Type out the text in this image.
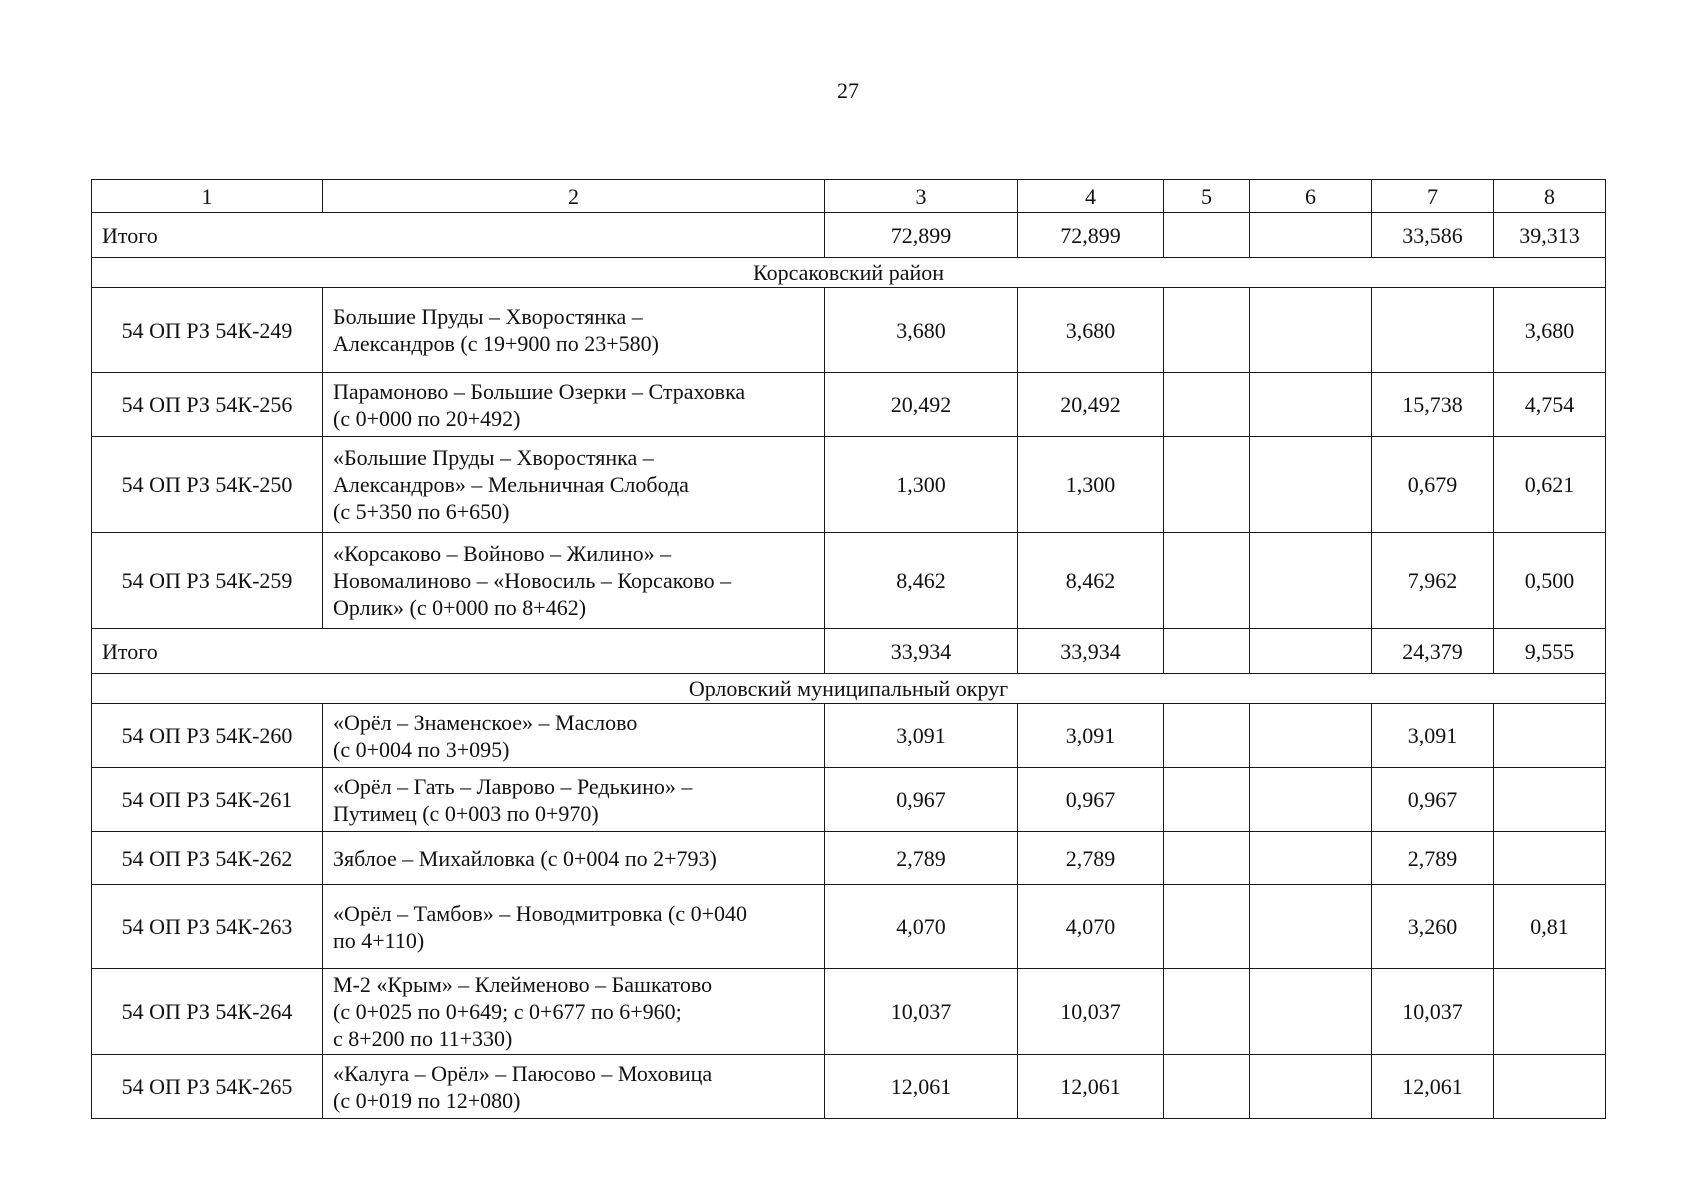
27
1	2	3	4	5	6	7	8
Итого		72,899	72,899			33,586	39,313
Корсаковский район							
54 ОП РЗ 54К-249	Большие Пруды – Хворостянка –
Александров (с 19+900 по 23+580)	3,680	3,680				3,680
54 ОП РЗ 54К-256	Парамоново – Большие Озерки – Страховка
(с 0+000 по 20+492)	20,492	20,492			15,738	4,754
54 ОП РЗ 54К-250	«Большие Пруды – Хворостянка –
Александров» – Мельничная Слобода
(с 5+350 по 6+650)	1,300	1,300			0,679	0,621
54 ОП РЗ 54К-259	«Корсаково – Войново – Жилино» –
Новомалиново – «Новосиль – Корсаково –
Орлик» (с 0+000 по 8+462)	8,462	8,462			7,962	0,500
Итого		33,934	33,934			24,379	9,555
Орловский муниципальный округ							
54 ОП РЗ 54К-260	«Орёл – Знаменское» – Маслово
(с 0+004 по 3+095)	3,091	3,091			3,091	
54 ОП РЗ 54К-261	«Орёл – Гать – Лаврово – Редькино» –
Путимец (с 0+003 по 0+970)	0,967	0,967			0,967	
54 ОП РЗ 54К-262	Зяблое – Михайловка (с 0+004 по 2+793)	2,789	2,789			2,789	
54 ОП РЗ 54К-263	«Орёл – Тамбов» – Новодмитровка (с 0+040
по 4+110)	4,070	4,070			3,260	0,81
54 ОП РЗ 54К-264	М-2 «Крым» – Клейменово – Башкатово
(с 0+025 по 0+649; с 0+677 по 6+960;
с 8+200 по 11+330)	10,037	10,037			10,037	
54 ОП РЗ 54К-265	«Калуга – Орёл» – Паюсово – Моховица
(с 0+019 по 12+080)	12,061	12,061			12,061	
